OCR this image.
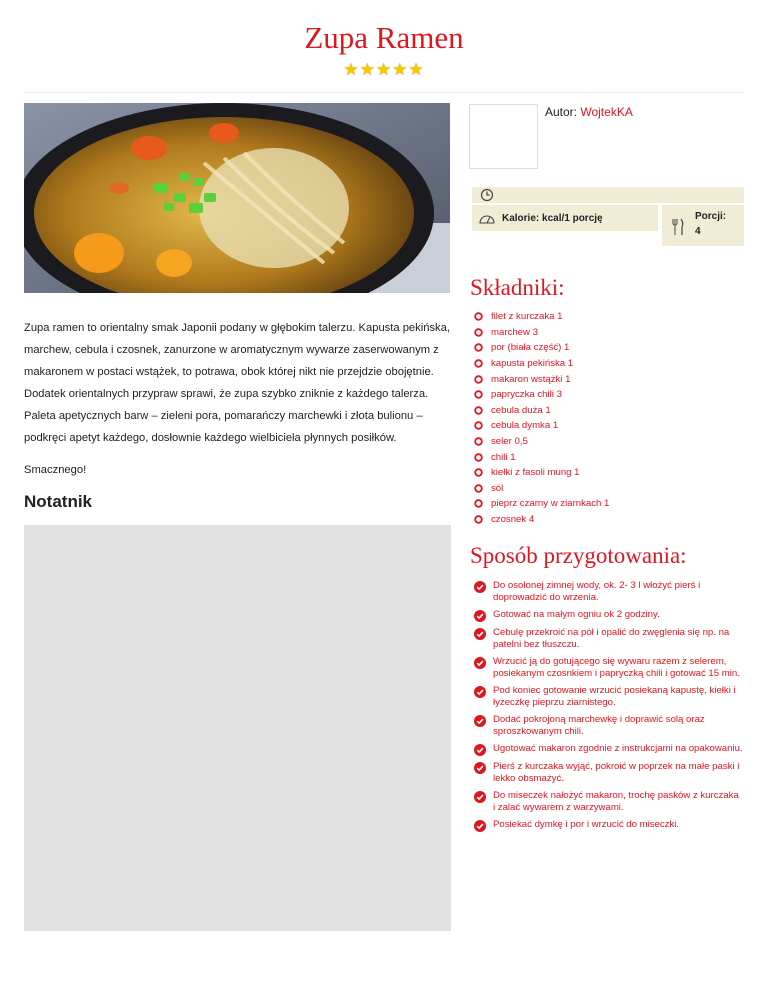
Zupa Ramen
★★★★★

Zupa ramen to orientalny smak Japonii podany w głębokim talerzu. Kapusta pekińska, marchew, cebula i czosnek, zanurzone w aromatycznym wywarze zaserwowanym z makaronem w postaci wstążek, to potrawa, obok której nikt nie przejdzie obojętnie. Dodatek orientalnych przypraw sprawi, że zupa szybko zniknie z każdego talerza. Paleta apetycznych barw – zieleni pora, pomarańczy marchewki i złota bulionu – podkręci apetyt każdego, dosłownie każdego wielbiciela płynnych posiłków.

Smacznego!

Notatnik
Autor: WojtekKA
Kalorie: kcal/1 porcję	Porcji:
4
Składniki:
filet z kurczaka 1
marchew 3
por (biała część) 1
kapusta pekińska 1
makaron wstążki 1
papryczka chili 3
cebula duża 1
cebula dymka 1
seler 0,5
chili 1
kiełki z fasoli mung 1
sól
pieprz czarny w ziarnkach 1
czosnek 4
Sposób przygotowania:
Do osolonej zimnej wody, ok. 2- 3 l włożyć pierś i doprowadzić do wrzenia.
Gotować na małym ogniu ok 2 godziny.
Cebulę przekroić na pół i opalić do zwęglenia się np. na patelni bez tłuszczu.
Wrzucić ją do gotującego się wywaru razem z selerem, posiekanym czosnkiem i papryczką chili i gotować 15 min.
Pod koniec gotowanie wrzucić posiekaną kapustę, kiełki i łyżeczkę pieprzu ziarnistego.
Dodać pokrojoną marchewkę i doprawić solą oraz sproszkowanym chili.
Ugotować makaron zgodnie z instrukcjami na opakowaniu.
Pierś z kurczaka wyjąć, pokroić w poprzek na małe paski i lekko obsmażyć.
Do miseczek nałożyć makaron, trochę pasków z kurczaka i zalać wywarem z warzywami.
Posiekać dymkę i por i wrzucić do miseczki.
